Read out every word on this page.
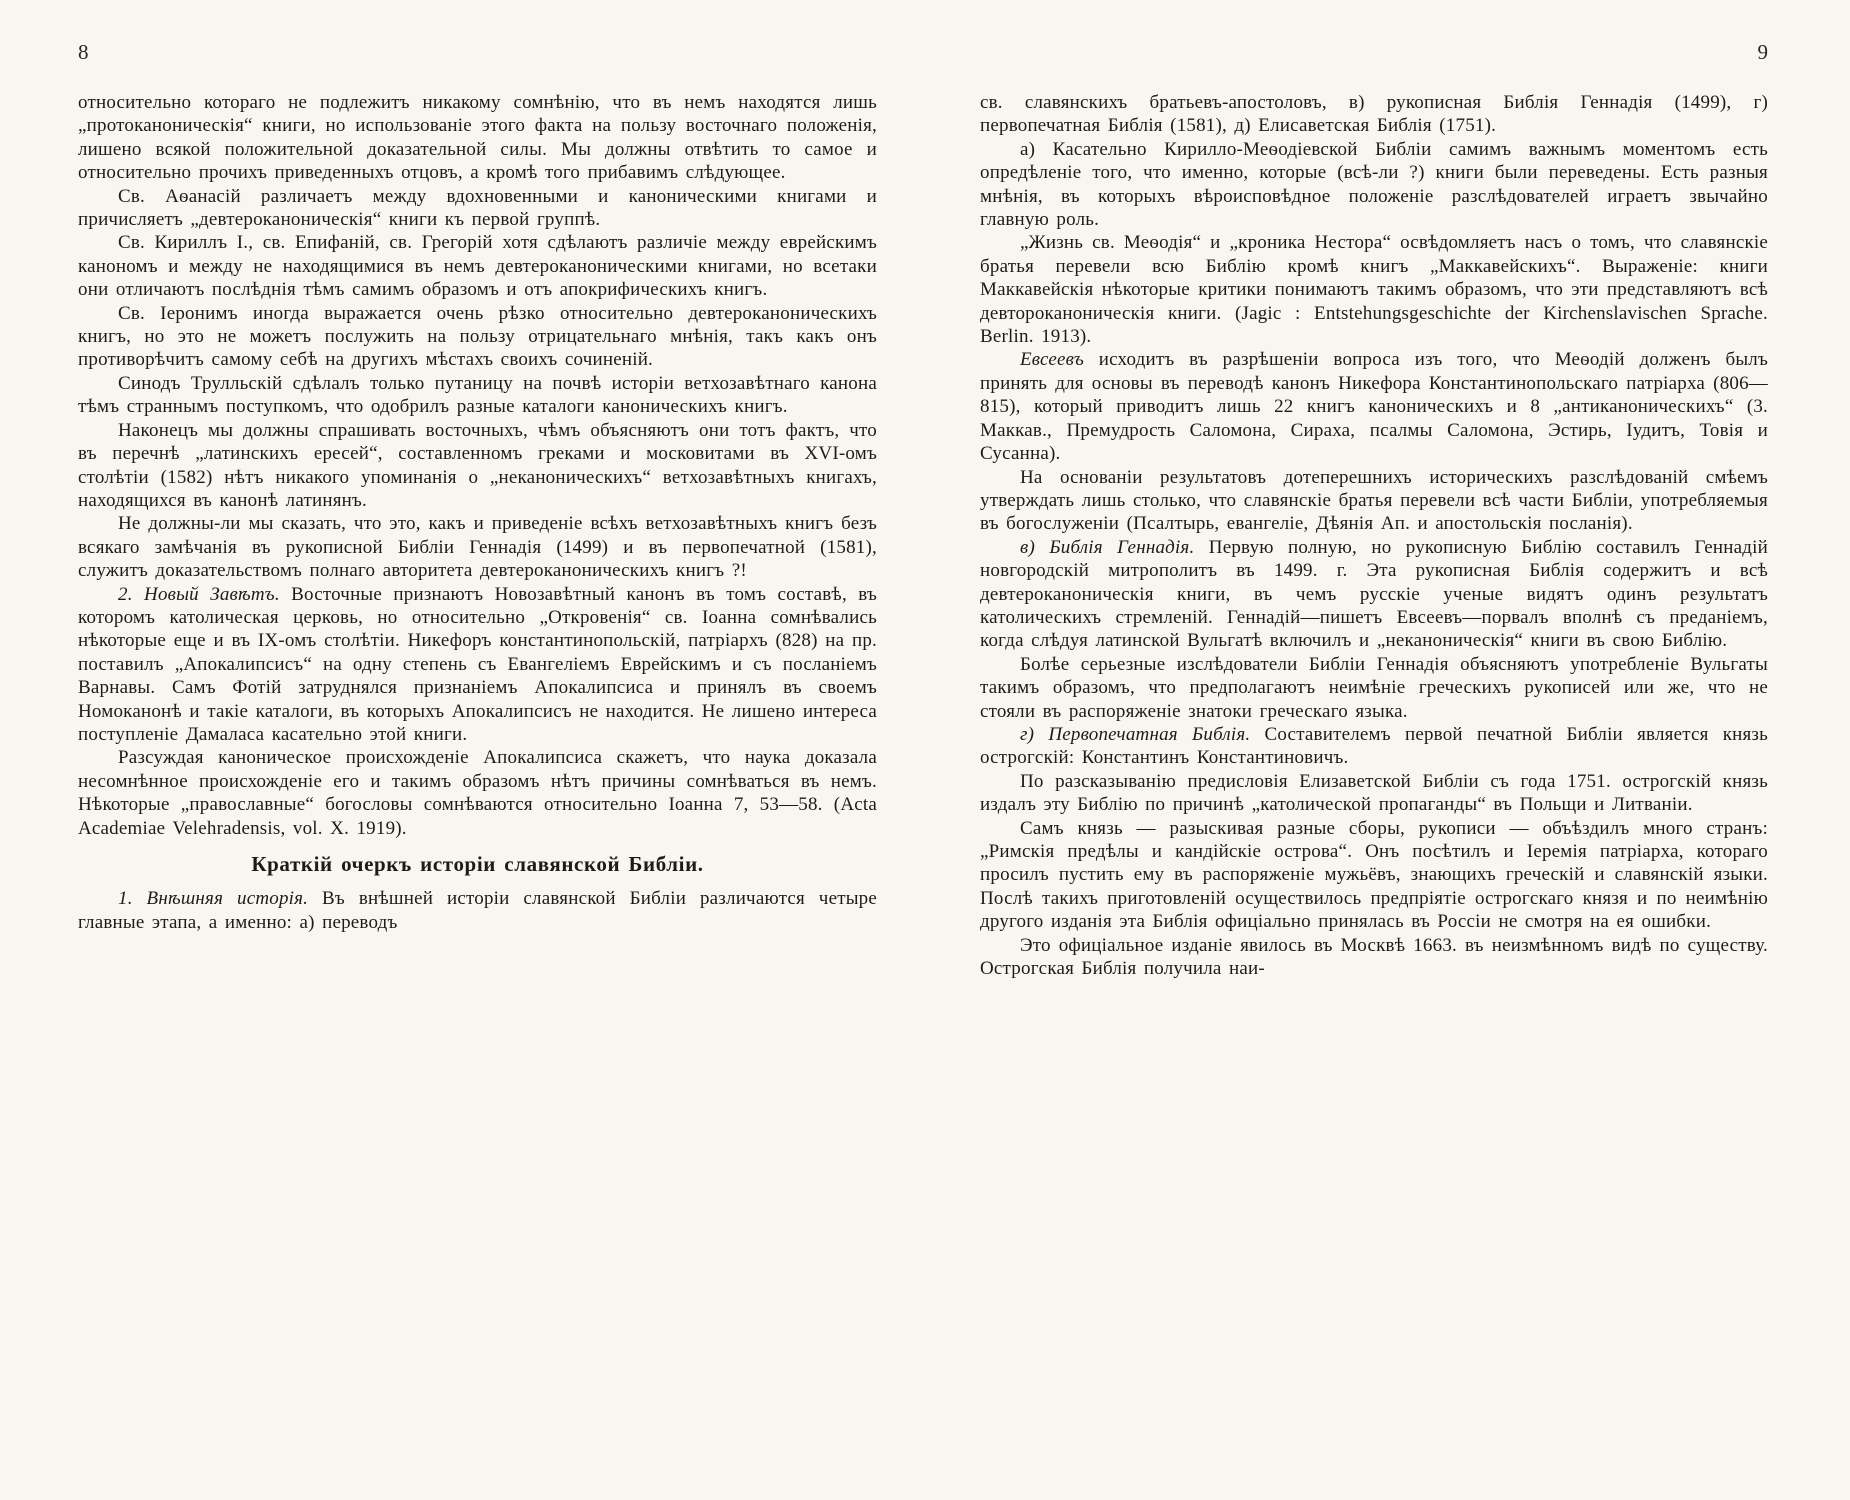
8

относительно котораго не подлежитъ никакому сомнѣнію, что въ немъ находятся лишь „протоканоническія“ книги, но использованіе этого факта на пользу восточнаго положенія, лишено всякой положительной доказательной силы. Мы должны отвѣтить то самое и относительно прочихъ приведенныхъ отцовъ, а кромѣ того прибавимъ слѣдующее.

Св. Аѳанасій различаетъ между вдохновенными и каноническими книгами и причисляетъ „девтероканоническія“ книги къ первой группѣ.

Св. Кириллъ I., св. Епифаній, св. Грегорій хотя сдѣлаютъ различіе между еврейскимъ канономъ и между не находящимися въ немъ девтероканоническими книгами, но всетаки они отличаютъ послѣднія тѣмъ самимъ образомъ и отъ апокрифическихъ книгъ.

Св. Іеронимъ иногда выражается очень рѣзко относительно девтероканоническихъ книгъ, но это не можетъ послужить на пользу отрицательнаго мнѣнія, такъ какъ онъ противорѣчитъ самому себѣ на другихъ мѣстахъ своихъ сочиненій.

Синодъ Трулльскій сдѣлалъ только путаницу на почвѣ исторіи ветхозавѣтнаго канона тѣмъ страннымъ поступкомъ, что одобрилъ разные каталоги каноническихъ книгъ.

Наконецъ мы должны спрашивать восточныхъ, чѣмъ объясняютъ они тотъ фактъ, что въ перечнѣ „латинскихъ ересей“, составленномъ греками и московитами въ XVI-омъ столѣтіи (1582) нѣтъ никакого упоминанія о „неканоническихъ“ ветхозавѣтныхъ книгахъ, находящихся въ канонѣ латинянъ.

Не должны-ли мы сказать, что это, какъ и приведеніе всѣхъ ветхозавѣтныхъ книгъ безъ всякаго замѣчанія въ рукописной Библіи Геннадія (1499) и въ первопечатной (1581), служитъ доказательствомъ полнаго авторитета девтероканоническихъ книгъ ?!

2. Новый Завѣтъ. Восточные признаютъ Новозавѣтный канонъ въ томъ составѣ, въ которомъ католическая церковь, но относительно „Откровенія“ св. Іоанна сомнѣвались нѣкоторые еще и въ IX-омъ столѣтіи. Никефоръ константинопольскій, патріархъ (828) на пр. поставилъ „Апокалипсисъ“ на одну степень съ Евангеліемъ Еврейскимъ и съ посланіемъ Варнавы. Самъ Фотій затруднялся признаніемъ Апокалипсиса и принялъ въ своемъ Номоканонѣ и такіе каталоги, въ которыхъ Апокалипсисъ не находится. Не лишено интереса поступленіе Дамаласа касательно этой книги.

Разсуждая каноническое происхожденіе Апокалипсиса скажетъ, что наука доказала несомнѣнное происхожденіе его и такимъ образомъ нѣтъ причины сомнѣваться въ немъ. Нѣкоторые „православные“ богословы сомнѣваются относительно Іоанна 7, 53—58. (Acta Academiae Velehradensis, vol. X. 1919).

Краткій очеркъ исторіи славянской Библіи.

1. Внѣшняя исторія. Въ внѣшней исторіи славянской Библіи различаются четыре главные этапа, а именно: а) переводъ

9

св. славянскихъ братьевъ-апостоловъ, в) рукописная Библія Геннадія (1499), г) первопечатная Библія (1581), д) Елисаветская Библія (1751).

а) Касательно Кирилло-Меѳодіевской Библіи самимъ важнымъ моментомъ есть опредѣленіе того, что именно, которые (всѣ-ли ?) книги были переведены. Есть разныя мнѣнія, въ которыхъ вѣроисповѣдное положеніе разслѣдователей играетъ звычайно главную роль.

„Жизнь св. Меѳодія“ и „кроника Нестора“ освѣдомляетъ насъ о томъ, что славянскіе братья перевели всю Библію кромѣ книгъ „Маккавейскихъ“. Выраженіе: книги Маккавейскія нѣкоторые критики понимаютъ такимъ образомъ, что эти представляютъ всѣ девтороканоническія книги. (Jagic : Entstehungsgeschichte der Kirchenslavischen Sprache. Berlin. 1913).

Евсеевъ исходитъ въ разрѣшеніи вопроса изъ того, что Меѳодій долженъ былъ принять для основы въ переводѣ канонъ Никефора Константинопольскаго патріарха (806—815), который приводитъ лишь 22 книгъ каноническихъ и 8 „антиканоническихъ“ (3. Маккав., Премудрость Саломона, Сираха, псалмы Саломона, Эстирь, Іудитъ, Товія и Сусанна).

На основаніи результатовъ дотеперешнихъ историческихъ разслѣдованій смѣемъ утверждать лишь столько, что славянскіе братья перевели всѣ части Библіи, употребляемыя въ богослуженіи (Псалтырь, евангеліе, Дѣянія Ап. и апостольскія посланія).

в) Библія Геннадія. Первую полную, но рукописную Библію составилъ Геннадій новгородскій митрополитъ въ 1499. г. Эта рукописная Библія содержитъ и всѣ девтероканоническія книги, въ чемъ русскіе ученые видятъ одинъ результатъ католическихъ стремленій. Геннадій—пишетъ Евсеевъ—порвалъ вполнѣ съ преданіемъ, когда слѣдуя латинской Вульгатѣ включилъ и „неканоническія“ книги въ свою Библію.

Болѣе серьезные изслѣдователи Библіи Геннадія объясняютъ употребленіе Вульгаты такимъ образомъ, что предполагаютъ неимѣніе греческихъ рукописей или же, что не стояли въ распоряженіе знатоки греческаго языка.

г) Первопечатная Библія. Составителемъ первой печатной Библіи является князь острогскій: Константинъ Константиновичъ.

По разсказыванію предисловія Елизаветской Библіи съ года 1751. острогскій князь издалъ эту Библію по причинѣ „католической пропаганды“ въ Польщи и Литваніи.

Самъ князь — разыскивая разные сборы, рукописи — объѣздилъ много странъ: „Римскія предѣлы и кандійскіе острова“. Онъ посѣтилъ и Іеремія патріарха, котораго просилъ пустить ему въ распоряженіе мужьёвъ, знающихъ греческій и славянскій языки. Послѣ такихъ приготовленій осуществилось предпріятіе острогскаго князя и по неимѣнію другого изданія эта Библія офиціально принялась въ Россіи не смотря на ея ошибки.

Это офиціальное изданіе явилось въ Москвѣ 1663. въ неизмѣнномъ видѣ по существу. Острогская Библія получила наи-
